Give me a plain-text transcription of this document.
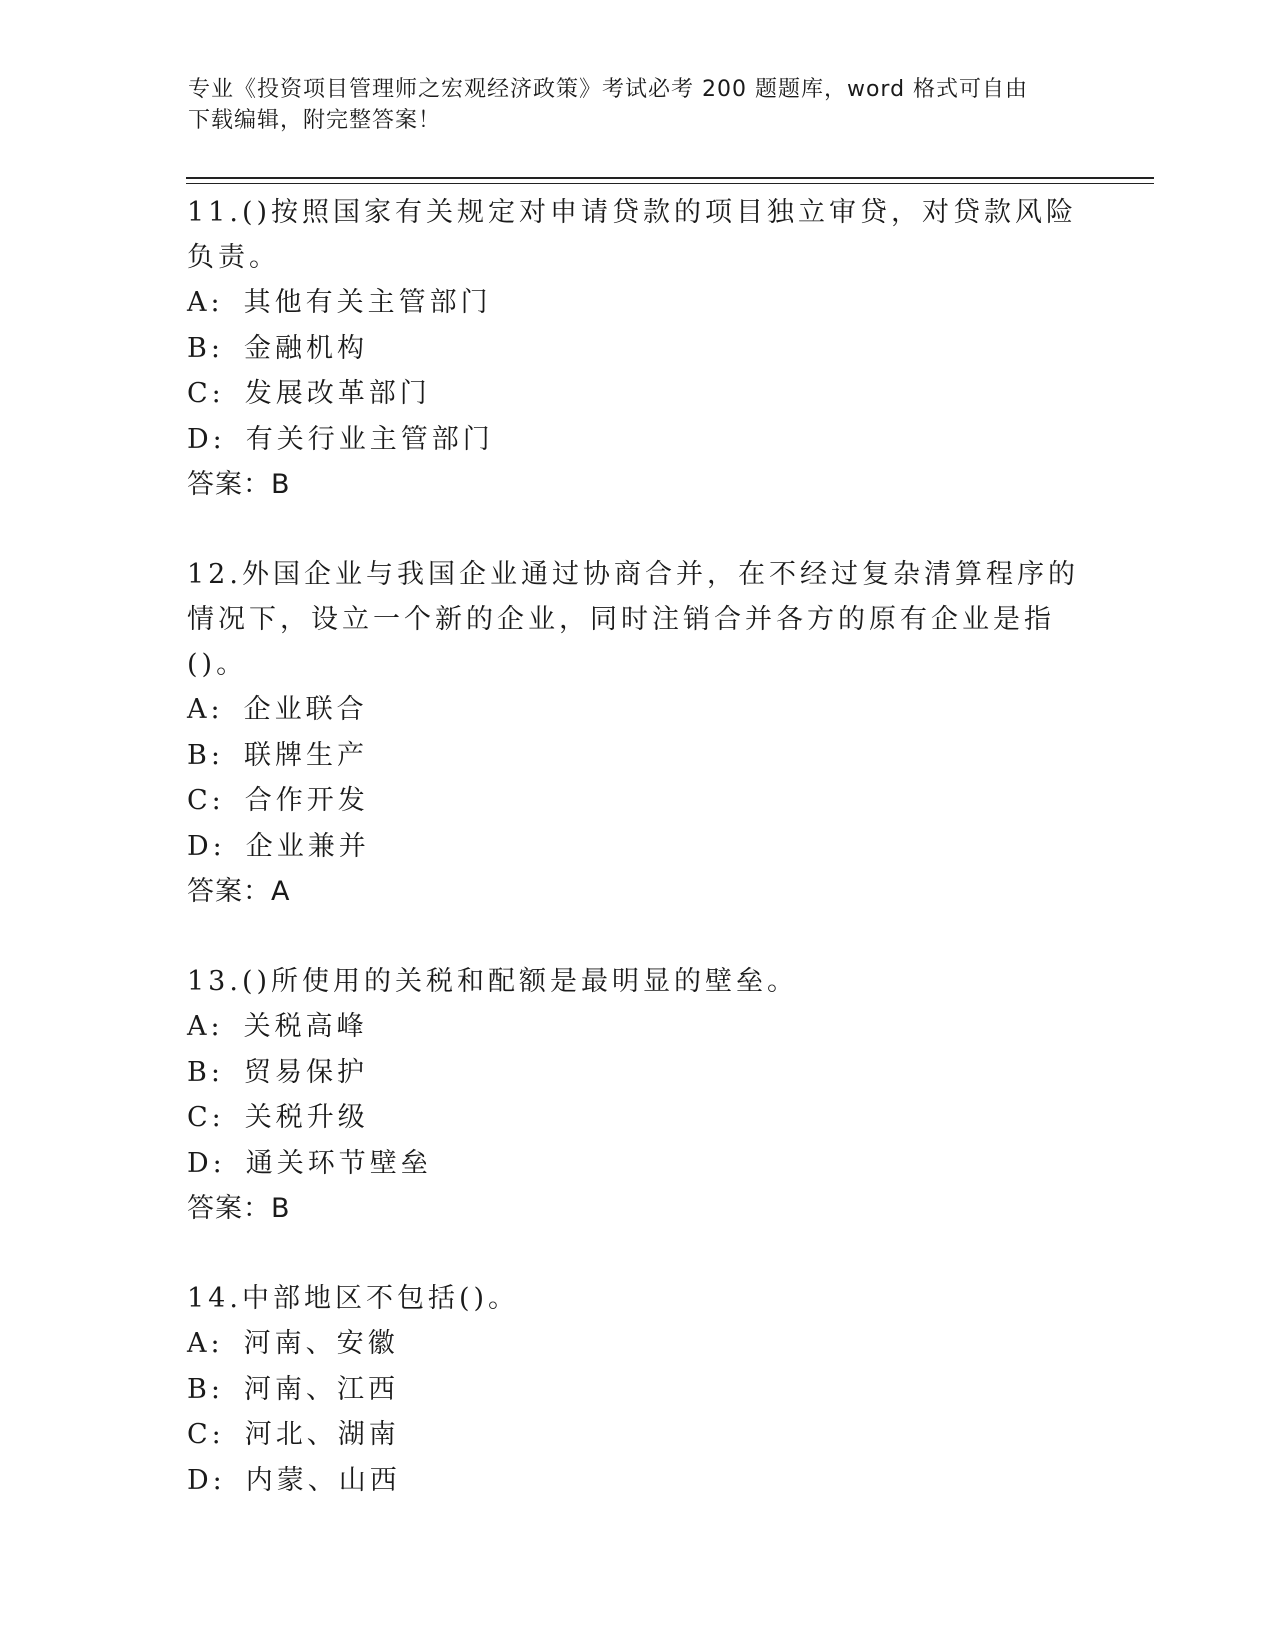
专业《投资项目管理师之宏观经济政策》考试必考 200 题题库，word 格式可自由
下载编辑，附完整答案！

11.()按照国家有关规定对申请贷款的项目独立审贷，对贷款风险负责。

A: 其他有关主管部门

B: 金融机构

C: 发展改革部门

D: 有关行业主管部门

答案：B

12.外国企业与我国企业通过协商合并，在不经过复杂清算程序的情况下，设立一个新的企业，同时注销合并各方的原有企业是指()。

A: 企业联合

B: 联牌生产

C: 合作开发

D: 企业兼并

答案：A

13.()所使用的关税和配额是最明显的壁垒。

A: 关税高峰

B: 贸易保护

C: 关税升级

D: 通关环节壁垒

答案：B

14.中部地区不包括()。

A: 河南、安徽

B: 河南、江西

C: 河北、湖南

D: 内蒙、山西
